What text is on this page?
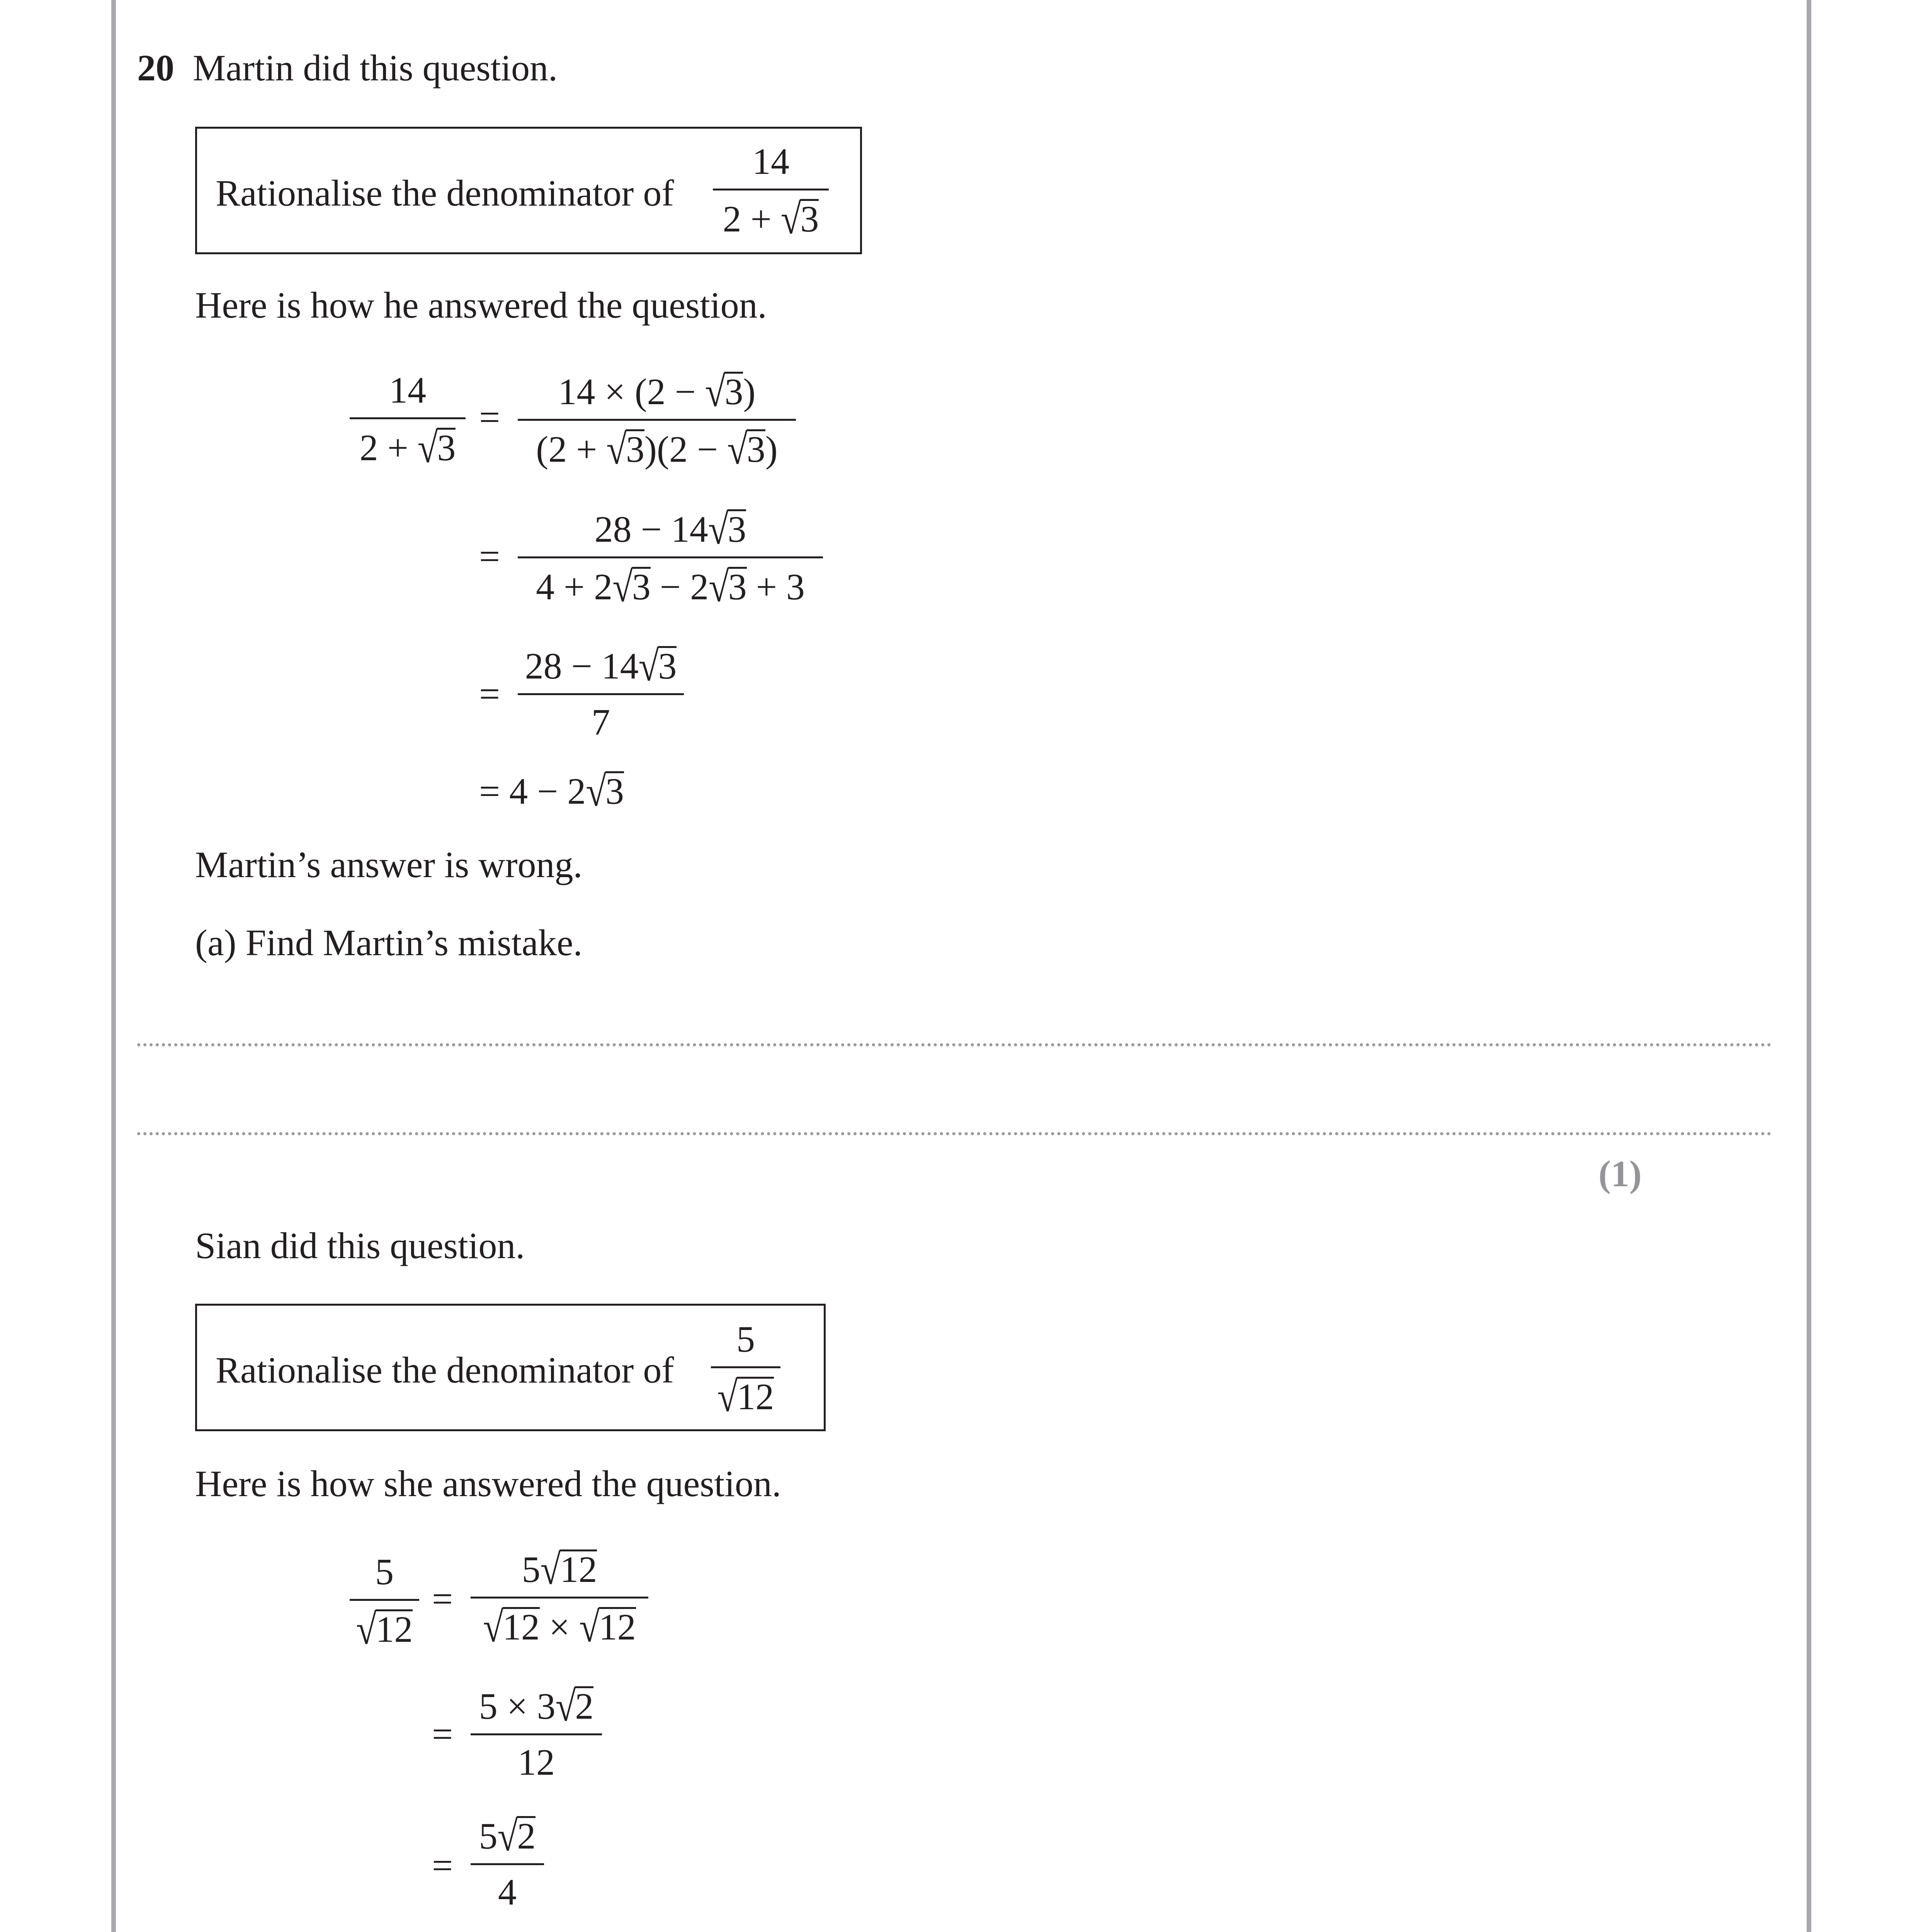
20 Martin did this question.
Rationalise the denominator of
14
2 + √3
Here is how he answered the question.
14
2 + √3
=
14 × (2 − √3)
(2 + √3)(2 − √3)
=
28 − 14√3
4 + 2√3 − 2√3 + 3
=
28 − 14√3
7
= 4 − 2√3
Martin’s answer is wrong.
(a) Find Martin’s mistake.
(1)
Sian did this question.
Rationalise the denominator of
5
√12
Here is how she answered the question.
5
√12
=
5√12
√12 × √12
=
5 × 3√2
12
=
5√2
4
